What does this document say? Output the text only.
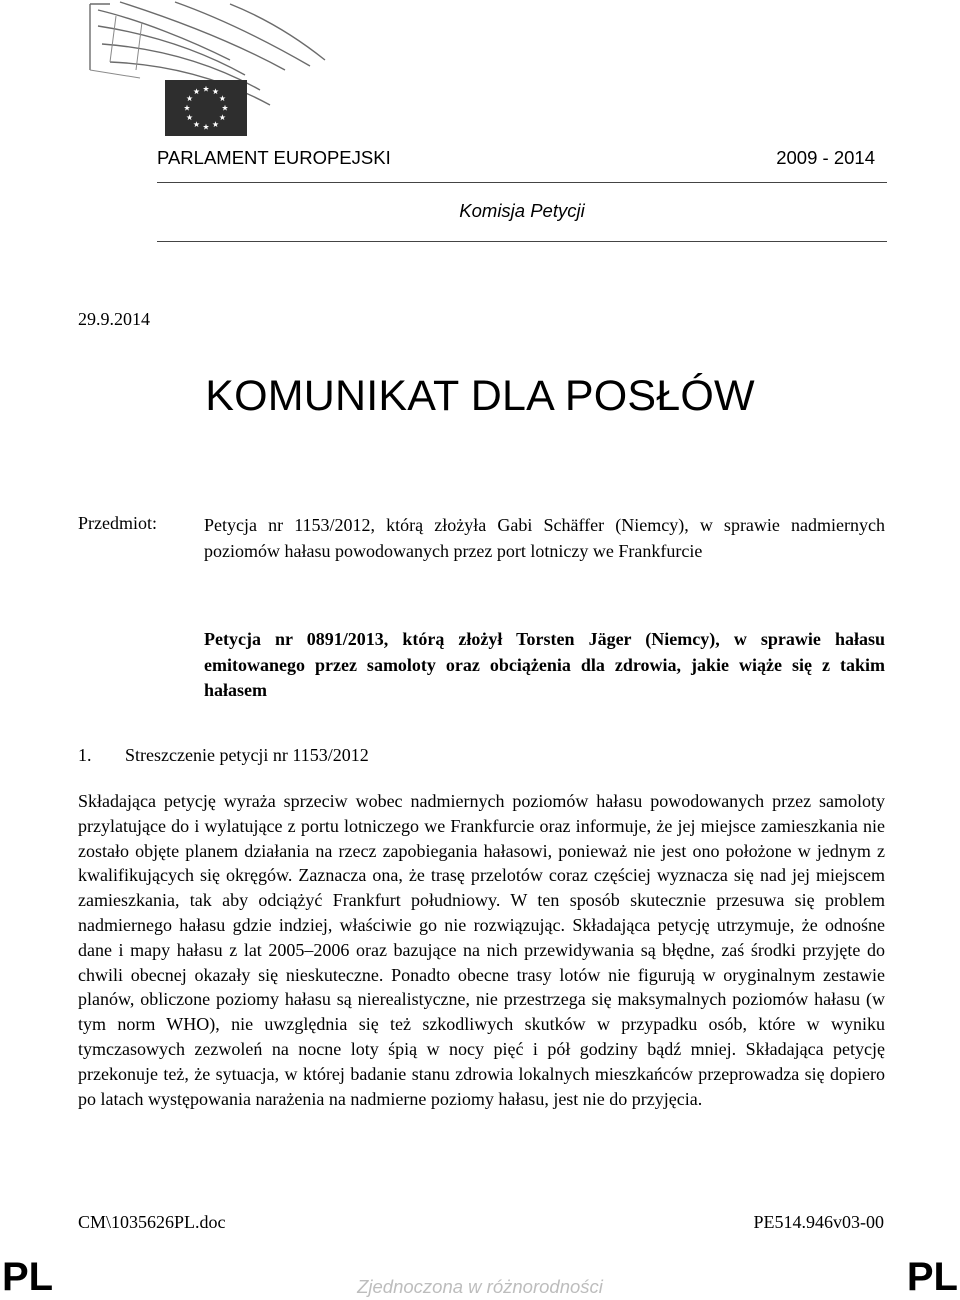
PARLAMENT EUROPEJSKI	2009 - 2014
Komisja Petycji
29.9.2014
KOMUNIKAT DLA POSŁÓW
Przedmiot:	Petycja nr 1153/2012, którą złożyła Gabi Schäffer (Niemcy), w sprawie nadmiernych poziomów hałasu powodowanych przez port lotniczy we Frankfurcie
Petycja nr 0891/2013, którą złożył Torsten Jäger (Niemcy), w sprawie hałasu emitowanego przez samoloty oraz obciążenia dla zdrowia, jakie wiąże się z takim hałasem
1. Streszczenie petycji nr 1153/2012

Składająca petycję wyraża sprzeciw wobec nadmiernych poziomów hałasu powodowanych przez samoloty przylatujące do i wylatujące z portu lotniczego we Frankfurcie oraz informuje, że jej miejsce zamieszkania nie zostało objęte planem działania na rzecz zapobiegania hałasowi, ponieważ nie jest ono położone w jednym z kwalifikujących się okręgów. Zaznacza ona, że trasę przelotów coraz częściej wyznacza się nad jej miejscem zamieszkania, tak aby odciążyć Frankfurt południowy. W ten sposób skutecznie przesuwa się problem nadmiernego hałasu gdzie indziej, właściwie go nie rozwiązując. Składająca petycję utrzymuje, że odnośne dane i mapy hałasu z lat 2005–2006 oraz bazujące na nich przewidywania są błędne, zaś środki przyjęte do chwili obecnej okazały się nieskuteczne. Ponadto obecne trasy lotów nie figurują w oryginalnym zestawie planów, obliczone poziomy hałasu są nierealistyczne, nie przestrzega się maksymalnych poziomów hałasu (w tym norm WHO), nie uwzględnia się też szkodliwych skutków w przypadku osób, które w wyniku tymczasowych zezwoleń na nocne loty śpią w nocy pięć i pół godziny bądź mniej. Składająca petycję przekonuje też, że sytuacja, w której badanie stanu zdrowia lokalnych mieszkańców przeprowadza się dopiero po latach występowania narażenia na nadmierne poziomy hałasu, jest nie do przyjęcia.

CM\1035626PL.doc	PE514.946v03-00
PL	PL
Zjednoczona w różnorodności
